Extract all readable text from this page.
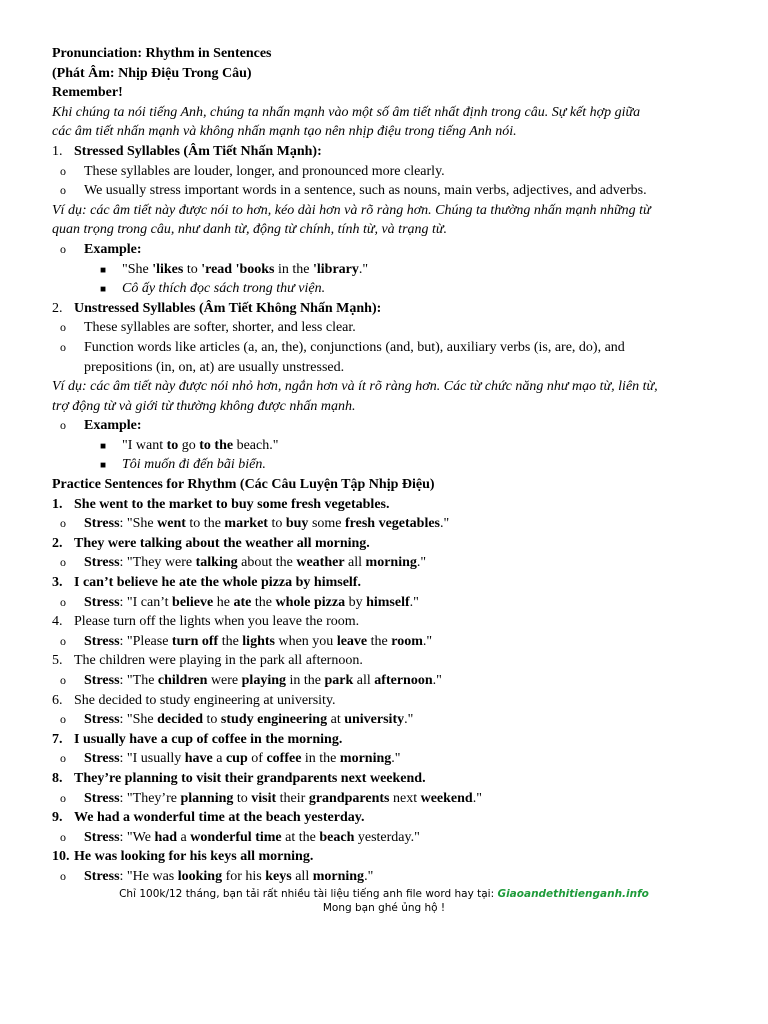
Pronunciation: Rhythm in Sentences
(Phát Âm: Nhịp Điệu Trong Câu)
Remember!
Khi chúng ta nói tiếng Anh, chúng ta nhấn mạnh vào một số âm tiết nhất định trong câu. Sự kết hợp giữa
các âm tiết nhấn mạnh và không nhấn mạnh tạo nên nhịp điệu trong tiếng Anh nói.
1. Stressed Syllables (Âm Tiết Nhấn Mạnh):
o These syllables are louder, longer, and pronounced more clearly.
o We usually stress important words in a sentence, such as nouns, main verbs, adjectives, and adverbs.
Ví dụ: các âm tiết này được nói to hơn, kéo dài hơn và rõ ràng hơn. Chúng ta thường nhấn mạnh những từ
quan trọng trong câu, như danh từ, động từ chính, tính từ, và trạng từ.
o Example:
■ "She 'likes to 'read 'books in the 'library."
■ Cô ấy thích đọc sách trong thư viện.
2. Unstressed Syllables (Âm Tiết Không Nhấn Mạnh):
o These syllables are softer, shorter, and less clear.
o Function words like articles (a, an, the), conjunctions (and, but), auxiliary verbs (is, are, do), and
prepositions (in, on, at) are usually unstressed.
Ví dụ: các âm tiết này được nói nhỏ hơn, ngắn hơn và ít rõ ràng hơn. Các từ chức năng như mạo từ, liên từ,
trợ động từ và giới từ thường không được nhấn mạnh.
o Example:
■ "I want to go to the beach."
■ Tôi muốn đi đến bãi biển.
Practice Sentences for Rhythm (Các Câu Luyện Tập Nhịp Điệu)
1. She went to the market to buy some fresh vegetables.
o Stress: "She went to the market to buy some fresh vegetables."
2. They were talking about the weather all morning.
o Stress: "They were talking about the weather all morning."
3. I can’t believe he ate the whole pizza by himself.
o Stress: "I can’t believe he ate the whole pizza by himself."
4. Please turn off the lights when you leave the room.
o Stress: "Please turn off the lights when you leave the room."
5. The children were playing in the park all afternoon.
o Stress: "The children were playing in the park all afternoon."
6. She decided to study engineering at university.
o Stress: "She decided to study engineering at university."
7. I usually have a cup of coffee in the morning.
o Stress: "I usually have a cup of coffee in the morning."
8. They’re planning to visit their grandparents next weekend.
o Stress: "They’re planning to visit their grandparents next weekend."
9. We had a wonderful time at the beach yesterday.
o Stress: "We had a wonderful time at the beach yesterday."
10. He was looking for his keys all morning.
o Stress: "He was looking for his keys all morning."
Chỉ 100k/12 tháng, bạn tải rất nhiều tài liệu tiếng anh file word hay tại: Giaoandethitienganh.info
Mong bạn ghé ủng hộ !
